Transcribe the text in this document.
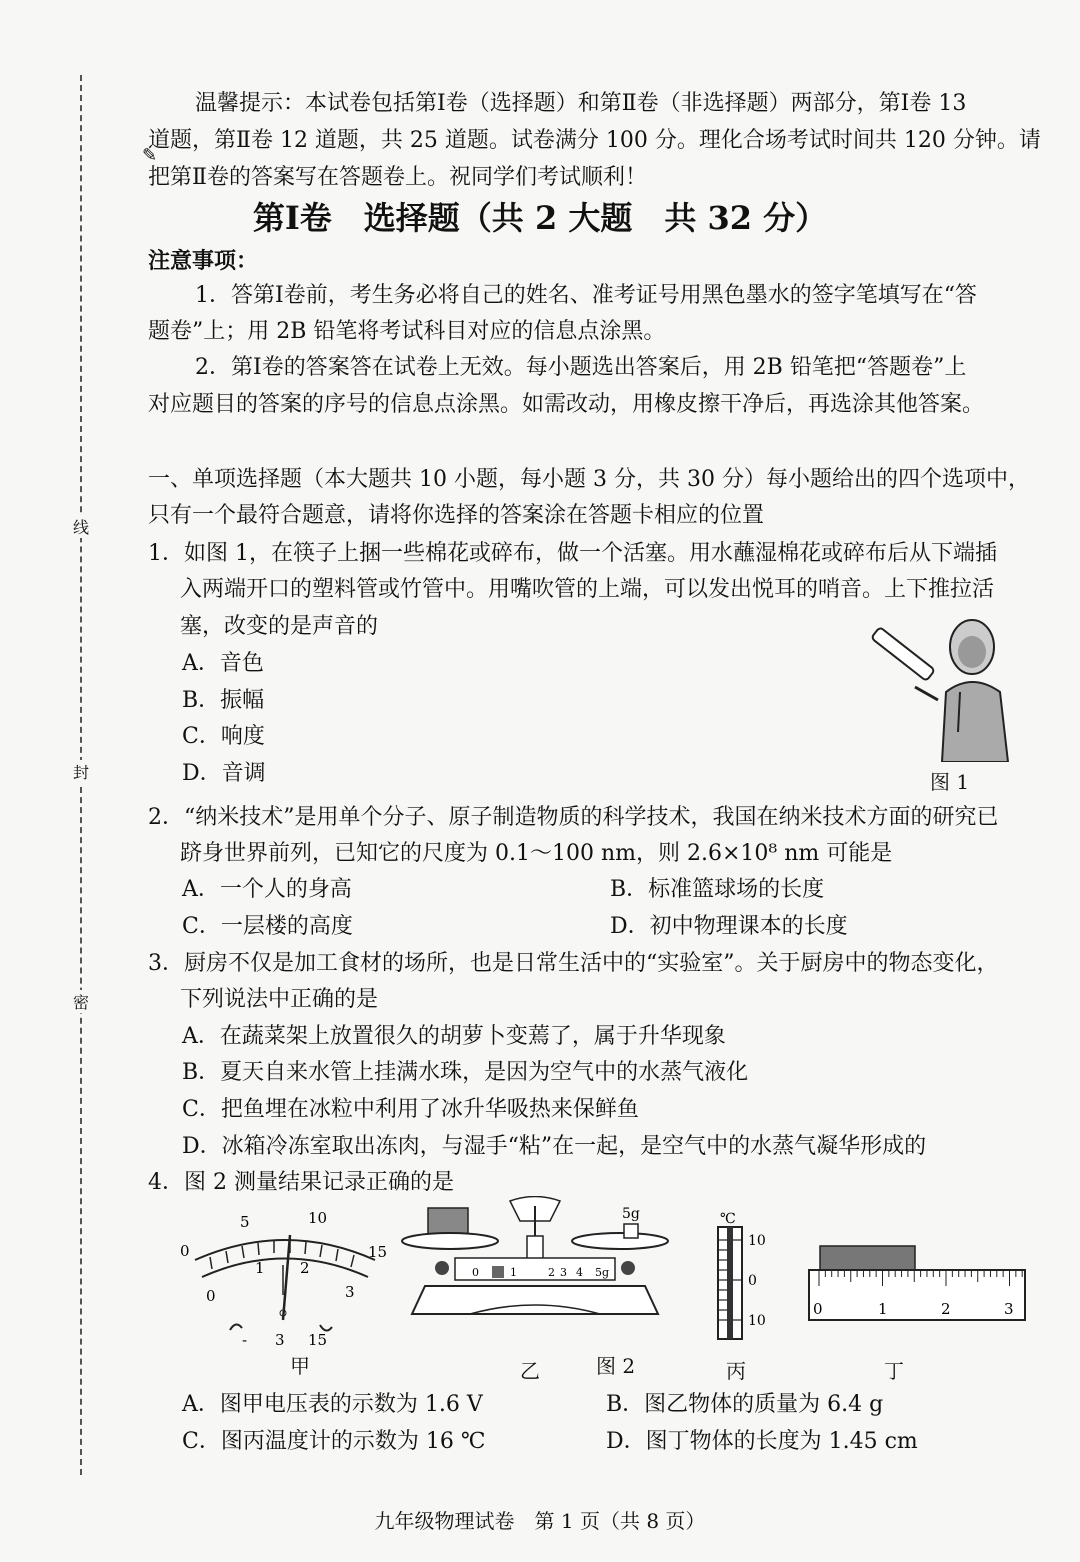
线
封
密
✎
温馨提示：本试卷包括第Ⅰ卷（选择题）和第Ⅱ卷（非选择题）两部分，第Ⅰ卷 13
道题，第Ⅱ卷 12 道题，共 25 道题。试卷满分 100 分。理化合场考试时间共 120 分钟。请
把第Ⅱ卷的答案写在答题卷上。祝同学们考试顺利！
第Ⅰ卷　选择题（共 2 大题　共 32 分）
注意事项：
1．答第Ⅰ卷前，考生务必将自己的姓名、准考证号用黑色墨水的签字笔填写在“答
题卷”上；用 2B 铅笔将考试科目对应的信息点涂黑。
2．第Ⅰ卷的答案答在试卷上无效。每小题选出答案后，用 2B 铅笔把“答题卷”上
对应题目的答案的序号的信息点涂黑。如需改动，用橡皮擦干净后，再选涂其他答案。
一、单项选择题（本大题共 10 小题，每小题 3 分，共 30 分）每小题给出的四个选项中，
只有一个最符合题意，请将你选择的答案涂在答题卡相应的位置
1．如图 1，在筷子上捆一些棉花或碎布，做一个活塞。用水蘸湿棉花或碎布后从下端插
入两端开口的塑料管或竹管中。用嘴吹管的上端，可以发出悦耳的哨音。上下推拉活
塞，改变的是声音的
A．音色
B．振幅
C．响度
D．音调	图 1
2．“纳米技术”是用单个分子、原子制造物质的科学技术，我国在纳米技术方面的研究已
跻身世界前列，已知它的尺度为 0.1～100 nm，则 2.6×10⁸ nm 可能是
A．一个人的身高	B．标准篮球场的长度
C．一层楼的高度	D．初中物理课本的长度
3．厨房不仅是加工食材的场所，也是日常生活中的“实验室”。关于厨房中的物态变化，
下列说法中正确的是
A．在蔬菜架上放置很久的胡萝卜变蔫了，属于升华现象
B．夏天自来水管上挂满水珠，是因为空气中的水蒸气液化
C．把鱼埋在冰粒中利用了冰升华吸热来保鲜鱼
D．冰箱冷冻室取出冻肉，与湿手“粘”在一起，是空气中的水蒸气凝华形成的
4．图 2 测量结果记录正确的是
0
5	10
15
0
1 2
3
- 3 15
5g
0	1	2 3 4 5g
℃
10
0
10
0	1	2	3
甲	乙	图 2	丙	丁
A．图甲电压表的示数为 1.6 V	B．图乙物体的质量为 6.4 g
C．图丙温度计的示数为 16 ℃	D．图丁物体的长度为 1.45 cm
九年级物理试卷　第 1 页（共 8 页）
